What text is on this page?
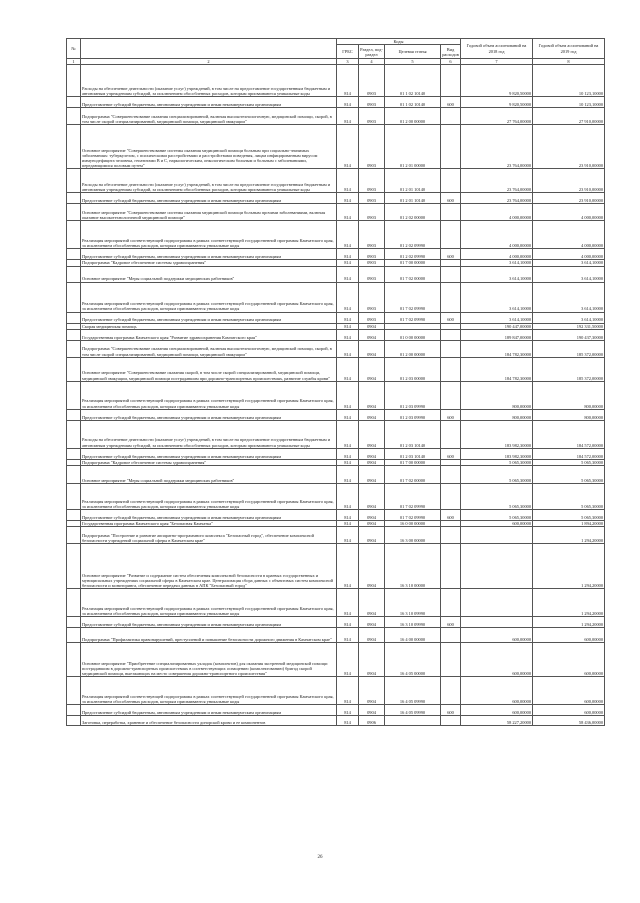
№		Коды				Годовой объем ассигнований на 2018 год	Годовой объем ассигнований на 2019 год
		ГРБС	Раздел, под- раздел	Целевая статья	Вид расходов		
1	2	3	4	5	6	7	8
	Расходы на обеспечение деятельности (оказание услуг) учреждений, в том числе на предоставление государственным бюджетным и автономным учреждениям субсидий, за исключением обособленных расходов, которым присваиваются уникальные коды	814	0903	01 1 02 10140		9 820,50000	10 123,10000
	Предоставление субсидий бюджетным, автономным учреждениям и иным некоммерческим организациям	814	0903	01 1 02 10140	600	9 820,50000	10 123,10000
	Подпрограмма "Совершенствование оказания специализированной, включая высокотехнологичную, медицинской помощи, скорой, в том числе скорой специализированной, медицинской помощи, медицинской эвакуации"	814	0903	01 2 00 00000		27 764,00000	27 910,00000
	Основное мероприятие "Совершенствование системы оказания медицинской помощи больным при социально-значимых заболеваниях: туберкулезом, с психическими расстройствами и расстройствами поведения, лицам инфицированным вирусом иммунодефицита человека, гепатитами В и С, наркологическим, онкологическим больным и больным с заболеваниями, передающимися половым путем"	814	0903	01 2 01 00000		23 764,00000	23 910,00000
	Расходы на обеспечение деятельности (оказание услуг) учреждений, в том числе на предоставление государственным бюджетным и автономным учреждениям субсидий, за исключением обособленных расходов, которым присваиваются уникальные коды	814	0903	01 2 01 10140		23 764,00000	23 910,00000
	Предоставление субсидий бюджетным, автономным учреждениям и иным некоммерческим организациям	814	0903	01 2 01 10140	600	23 764,00000	23 910,00000
	Основное мероприятие "Совершенствование системы оказания медицинской помощи больным прочими заболеваниями, включая оказание высокотехнологичной медицинской помощи"	814	0903	01 2 02 00000		4 000,00000	4 000,00000
	Реализация мероприятий соответствующей подпрограммы в рамках соответствующей государственной программы Камчатского края, за исключением обособленных расходов, которым присваиваются уникальные коды	814	0903	01 2 02 09990		4 000,00000	4 000,00000
	Предоставление субсидий бюджетным, автономным учреждениям и иным некоммерческим организациям	814	0903	01 2 02 09990	600	4 000,00000	4 000,00000
	Подпрограмма "Кадровое обеспечение системы здравоохранения"	814	0903	01 7 00 00000		3 614,10000	3 614,10000
	Основное мероприятие "Меры социальной поддержки медицинских работников"	814	0903	01 7 02 00000		3 614,10000	3 614,10000
	Реализация мероприятий соответствующей подпрограммы в рамках соответствующей государственной программы Камчатского края, за исключением обособленных расходов, которым присваиваются уникальные коды	814	0903	01 7 02 09990		3 614,10000	3 614,10000
	Предоставление субсидий бюджетным, автономным учреждениям и иным некоммерческим организациям	814	0903	01 7 02 09990	600	3 614,10000	3 614,10000
	Скорая медицинская помощь	814	0904			190 447,00000	192 331,50000
	Государственная программа Камчатского края "Развитие здравоохранения Камчатского края"	814	0904	01 0 00 00000		189 847,00000	190 437,30000
	Подпрограмма "Совершенствование оказания специализированной, включая высокотехнологичную, медицинской помощи, скорой, в том числе скорой специализированной, медицинской помощи, медицинской эвакуации"	814	0904	01 2 00 00000		184 782,30000	185 372,00000
	Основное мероприятие "Совершенствование оказания скорой, в том числе скорой специализированной, медицинской помощи, медицинской эвакуации, медицинской помощи пострадавшим при дорожно-транспортных происшествиях, развитие службы крови"	814	0904	01 2 03 00000		184 782,30000	185 372,00000
	Реализация мероприятий соответствующей подпрограммы в рамках соответствующей государственной программы Камчатского края, за исключением обособленных расходов, которым присваиваются уникальные коды	814	0904	01 2 03 09990		800,00000	800,00000
	Предоставление субсидий бюджетным, автономным учреждениям и иным некоммерческим организациям	814	0904	01 2 03 09990	600	800,00000	800,00000
	Расходы на обеспечение деятельности (оказание услуг) учреждений, в том числе на предоставление государственным бюджетным и автономным учреждениям субсидий, за исключением обособленных расходов, которым присваиваются уникальные коды	814	0904	01 2 03 10140		183 982,30000	184 572,00000
	Предоставление субсидий бюджетным, автономным учреждениям и иным некоммерческим организациям	814	0904	01 2 03 10140	600	183 982,30000	184 572,00000
	Подпрограмма "Кадровое обеспечение системы здравоохранения"	814	0904	01 7 00 00000		5 065,30000	5 065,30000
	Основное мероприятие "Меры социальной поддержки медицинских работников"	814	0904	01 7 02 00000		5 065,30000	5 065,30000
	Реализация мероприятий соответствующей подпрограммы в рамках соответствующей государственной программы Камчатского края, за исключением обособленных расходов, которым присваиваются уникальные коды	814	0904	01 7 02 09990		5 065,30000	5 065,30000
	Предоставление субсидий бюджетным, автономным учреждениям и иным некоммерческим организациям	814	0904	01 7 02 09990	600	5 065,30000	5 065,30000
	Государственная программа Камчатского края "Безопасная Камчатка"	814	0904	16 0 00 00000		600,00000	1 894,20000
	Подпрограмма "Построение и развитие аппаратно-программного комплекса "Безопасный город", обеспечение комплексной безопасности учреждений социальной сферы в Камчатском крае"	814	0904	16 3 00 00000			1 294,20000
	Основное мероприятие "Развитие и содержание систем обеспечения комплексной безопасности в краевых государственных и муниципальных учреждениях социальной сферы в Камчатском крае. Централизация сбора данных с объектовых систем комплексной безопасности и мониторинга, обеспечение передачи данных в АПК "Безопасный город"	814	0904	16 3 10 00000			1 294,20000
	Реализация мероприятий соответствующей подпрограммы в рамках соответствующей государственной программы Камчатского края, за исключением обособленных расходов, которым присваиваются уникальные коды	814	0904	16 3 10 09990			1 294,20000
	Предоставление субсидий бюджетным, автономным учреждениям и иным некоммерческим организациям	814	0904	16 3 10 09990	600		1 294,20000
	Подпрограмма "Профилактика правонарушений, преступлений и повышение безопасности дорожного движения в Камчатском крае"	814	0904	16 4 00 00000		600,00000	600,00000
	Основное мероприятие "Приобретение специализированных укладок (комплектов) для оказания экстренной медицинской помощи пострадавшим в дорожно-транспортных происшествиях в соответствующих оснащению (комплектованию) бригад скорой медицинской помощи, выезжающих на место совершения дорожно-транспортного происшествия"	814	0904	16 4 05 00000		600,00000	600,00000
	Реализация мероприятий соответствующей подпрограммы в рамках соответствующей государственной программы Камчатского края, за исключением обособленных расходов, которым присваиваются уникальные коды	814	0904	16 4 05 09990		600,00000	600,00000
	Предоставление субсидий бюджетным, автономным учреждениям и иным некоммерческим организациям	814	0904	16 4 05 09990	600	600,00000	600,00000
	Заготовка, переработка, хранение и обеспечение безопасности донорской крови и ее компонентов	814	0906			58 227,20000	58 436,00000
26
